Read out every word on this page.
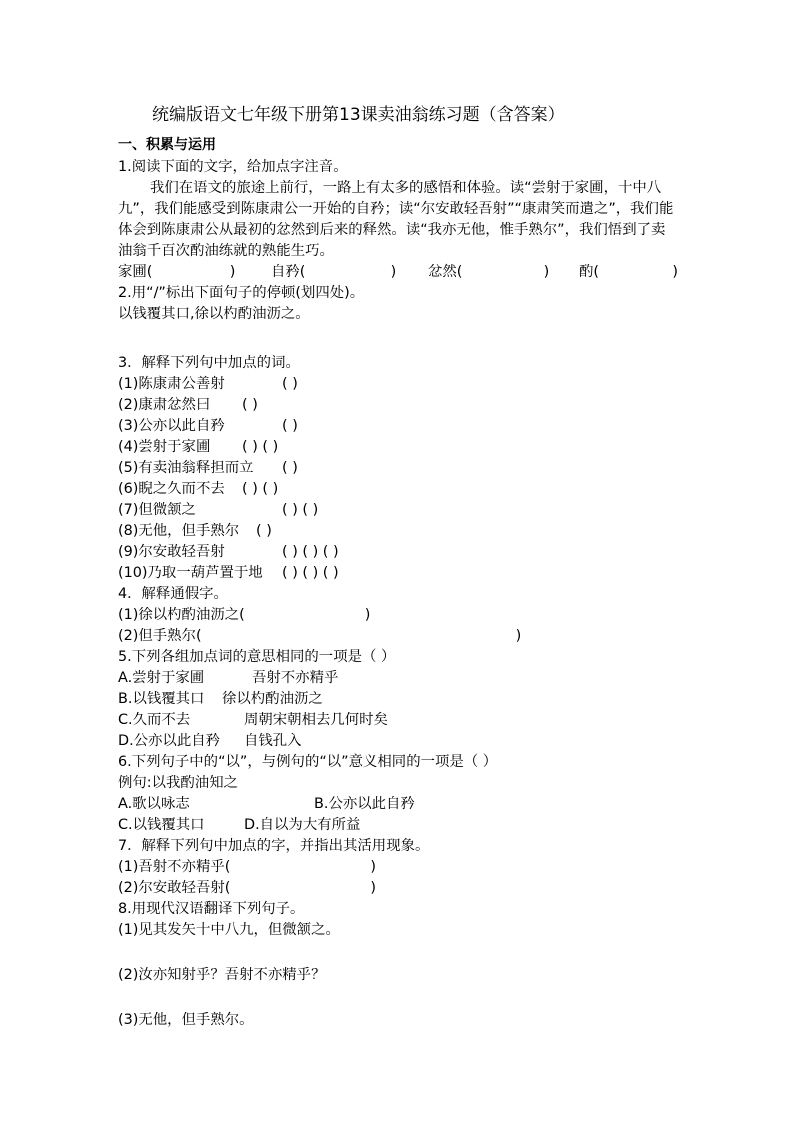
统编版语文七年级下册第13课卖油翁练习题（含答案）
一、积累与运用
1.阅读下面的文字，给加点字注音。
我们在语文的旅途上前行，一路上有太多的感悟和体验。读“尝射于家圃，十中八九”，我们能感受到陈康肃公一开始的自矜；读“尔安敢轻吾射”“康肃笑而遣之”，我们能体会到陈康肃公从最初的忿然到后来的释然。读“我亦无他，惟手熟尔”，我们悟到了卖油翁千百次酌油练就的熟能生巧。
家圃(	) 自矜(	) 忿然(	) 酌(	)
2.用“/”标出下面句子的停顿(划四处)。
以钱覆其口,徐以杓酌油沥之。
3．解释下列句中加点的词。
(1)陈康肃公善射	( )
(2)康肃忿然曰	( )
(3)公亦以此自矜	( )
(4)尝射于家圃	( ) ( )
(5)有卖油翁释担而立	( )
(6)睨之久而不去	( ) ( )
(7)但微颔之	( ) ( )
(8)无他，但手熟尔	( )
(9)尔安敢轻吾射	( ) ( ) ( )
(10)乃取一葫芦置于地	( ) ( ) ( )
4．解释通假字。
(1)徐以杓酌油沥之(	)
(2)但手熟尔(	)
5.下列各组加点词的意思相同的一项是（ ）
A.尝射于家圃	吾射不亦精乎
B.以钱覆其口	徐以杓酌油沥之
C.久而不去	周朝宋朝相去几何时矣
D.公亦以此自矜	自钱孔入
6.下列句子中的“以”，与例句的“以”意义相同的一项是（ ）
例句:以我酌油知之
A.歌以咏志	B.公亦以此自矜
C.以钱覆其口	D.自以为大有所益
7．解释下列句中加点的字，并指出其活用现象。
(1)吾射不亦精乎(	)
(2)尔安敢轻吾射(	)
8.用现代汉语翻译下列句子。
(1)见其发矢十中八九，但微颔之。
(2)汝亦知射乎？吾射不亦精乎？
(3)无他，但手熟尔。
